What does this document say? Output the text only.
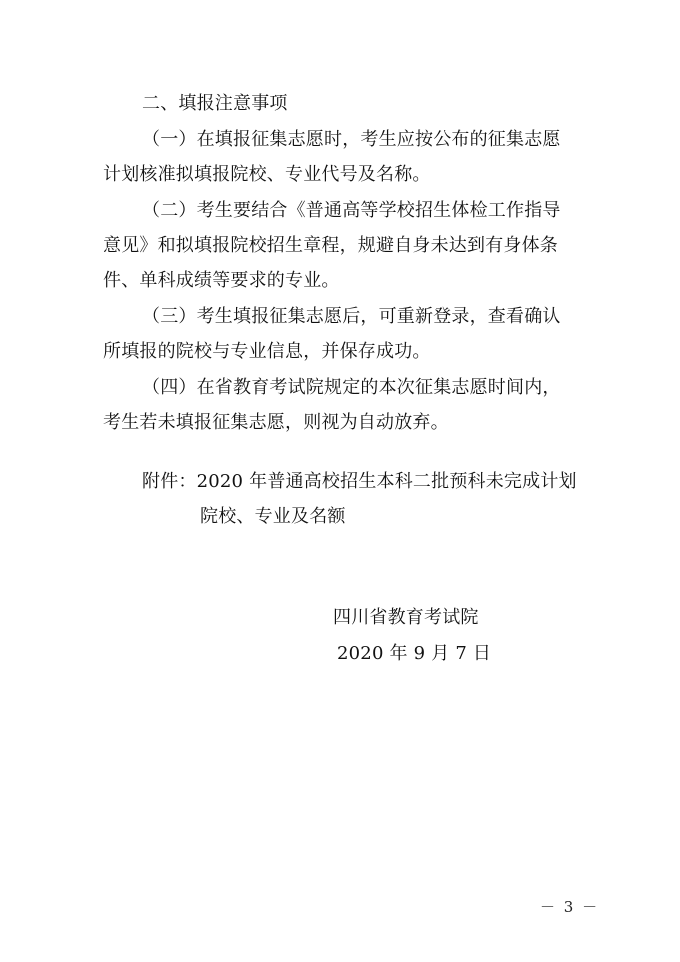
二、填报注意事项
（一）在填报征集志愿时，考生应按公布的征集志愿
计划核准拟填报院校、专业代号及名称。
（二）考生要结合《普通高等学校招生体检工作指导
意见》和拟填报院校招生章程，规避自身未达到有身体条
件、单科成绩等要求的专业。
（三）考生填报征集志愿后，可重新登录，查看确认
所填报的院校与专业信息，并保存成功。
（四）在省教育考试院规定的本次征集志愿时间内，
考生若未填报征集志愿，则视为自动放弃。
附件：2020 年普通高校招生本科二批预科未完成计划
院校、专业及名额
四川省教育考试院
2020 年 9 月 7 日
－ 3 －
